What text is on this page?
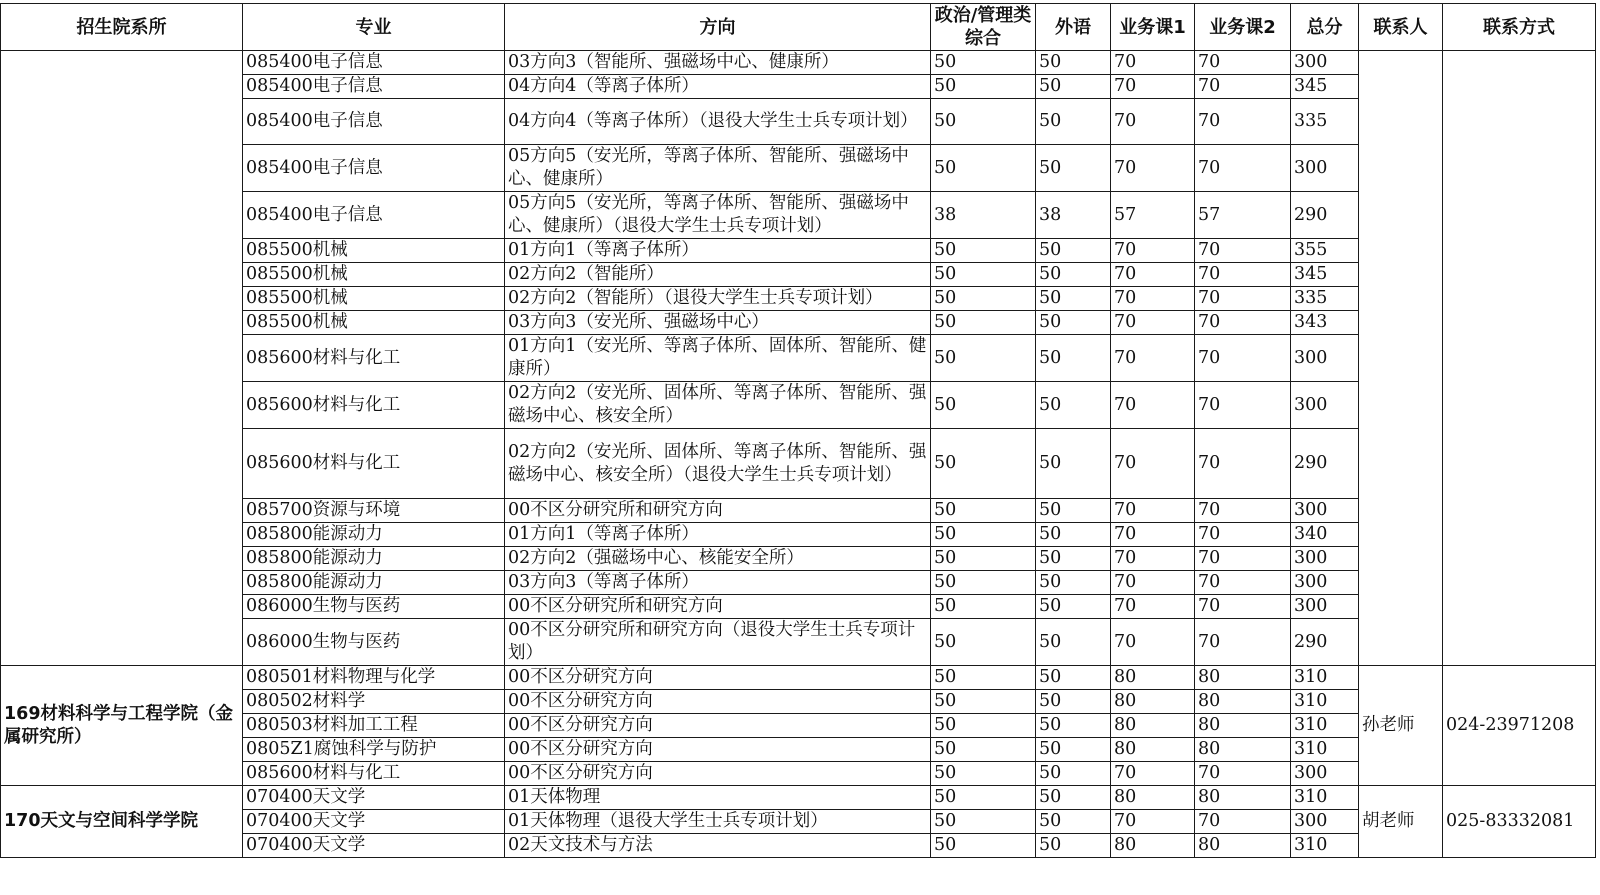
招生院系所	专业	方向	政治/管理类综合	外语	业务课1	业务课2	总分	联系人	联系方式
	085400电子信息	03方向3（智能所、强磁场中心、健康所）	50	50	70	70	300		
	085400电子信息	04方向4（等离子体所）	50	50	70	70	345		
	085400电子信息	04方向4（等离子体所）（退役大学生士兵专项计划）	50	50	70	70	335		
	085400电子信息	05方向5（安光所，等离子体所、智能所、强磁场中心、健康所）	50	50	70	70	300		
	085400电子信息	05方向5（安光所，等离子体所、智能所、强磁场中心、健康所）（退役大学生士兵专项计划）	38	38	57	57	290		
	085500机械	01方向1（等离子体所）	50	50	70	70	355		
	085500机械	02方向2（智能所）	50	50	70	70	345		
	085500机械	02方向2（智能所）（退役大学生士兵专项计划）	50	50	70	70	335		
	085500机械	03方向3（安光所、强磁场中心）	50	50	70	70	343		
	085600材料与化工	01方向1（安光所、等离子体所、固体所、智能所、健康所）	50	50	70	70	300		
	085600材料与化工	02方向2（安光所、固体所、等离子体所、智能所、强磁场中心、核安全所）	50	50	70	70	300		
	085600材料与化工	02方向2（安光所、固体所、等离子体所、智能所、强磁场中心、核安全所）（退役大学生士兵专项计划）	50	50	70	70	290		
	085700资源与环境	00不区分研究所和研究方向	50	50	70	70	300		
	085800能源动力	01方向1（等离子体所）	50	50	70	70	340		
	085800能源动力	02方向2（强磁场中心、核能安全所）	50	50	70	70	300		
	085800能源动力	03方向3（等离子体所）	50	50	70	70	300		
	086000生物与医药	00不区分研究所和研究方向	50	50	70	70	300		
	086000生物与医药	00不区分研究所和研究方向（退役大学生士兵专项计划）	50	50	70	70	290		
169材料科学与工程学院（金属研究所）	080501材料物理与化学	00不区分研究方向	50	50	80	80	310	孙老师	024-23971208
	080502材料学	00不区分研究方向	50	50	80	80	310		
	080503材料加工工程	00不区分研究方向	50	50	80	80	310		
	0805Z1腐蚀科学与防护	00不区分研究方向	50	50	80	80	310		
	085600材料与化工	00不区分研究方向	50	50	70	70	300		
170天文与空间科学学院	070400天文学	01天体物理	50	50	80	80	310	胡老师	025-83332081
	070400天文学	01天体物理（退役大学生士兵专项计划）	50	50	70	70	300		
	070400天文学	02天文技术与方法	50	50	80	80	310		
